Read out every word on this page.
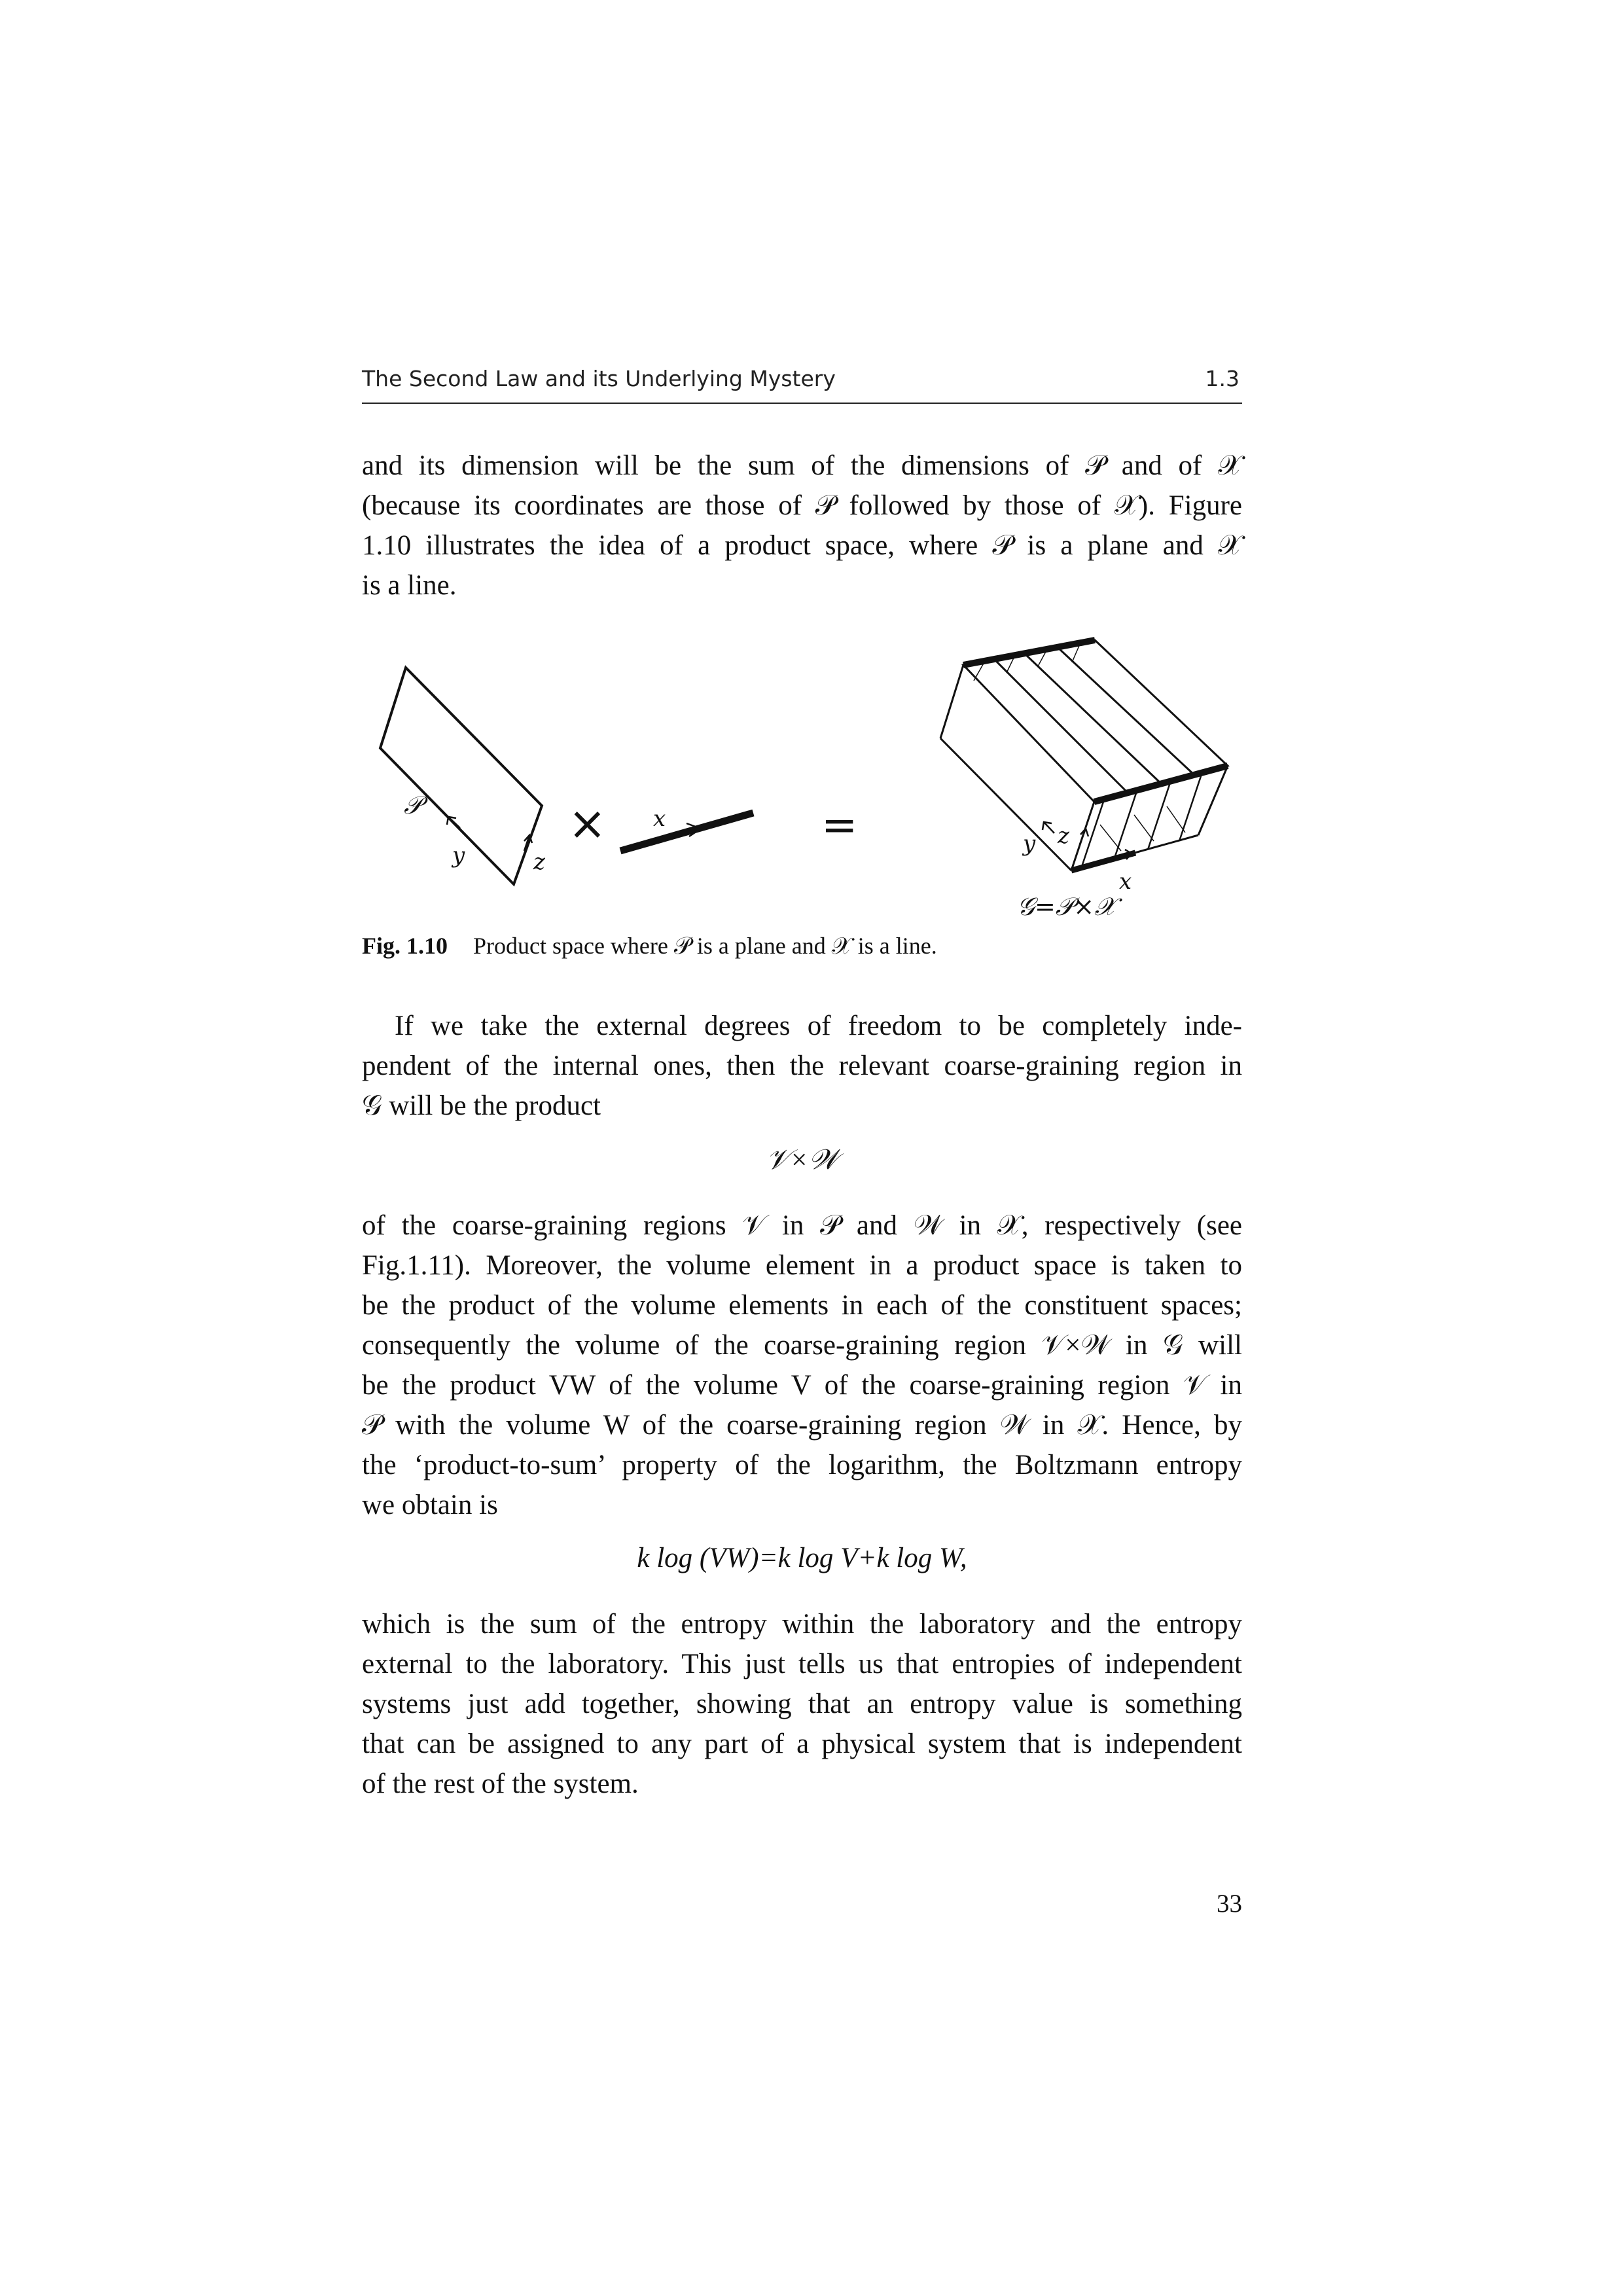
The Second Law and its Underlying Mystery	1.3
and its dimension will be the sum of the dimensions of 𝒫 and of 𝒳
(because its coordinates are those of 𝒫 followed by those of 𝒳). Figure
1.10 illustrates the idea of a product space, where 𝒫 is a plane and 𝒳
is a line.
𝒫
y	z
× x	=	y z
x
𝒢=𝒫×𝒳
Fig. 1.10 Product space where 𝒫 is a plane and 𝒳 is a line.
If we take the external degrees of freedom to be completely inde-
pendent of the internal ones, then the relevant coarse-graining region in
𝒢 will be the product
𝒱×𝒲
of the coarse-graining regions 𝒱 in 𝒫 and 𝒲 in 𝒳, respectively (see
Fig.1.11). Moreover, the volume element in a product space is taken to
be the product of the volume elements in each of the constituent spaces;
consequently the volume of the coarse-graining region 𝒱×𝒲 in 𝒢 will
be the product VW of the volume V of the coarse-graining region 𝒱 in
𝒫 with the volume W of the coarse-graining region 𝒲 in 𝒳. Hence, by
the ‘product-to-sum’ property of the logarithm, the Boltzmann entropy
we obtain is
k log (VW)=k log V+k log W,
which is the sum of the entropy within the laboratory and the entropy
external to the laboratory. This just tells us that entropies of independent
systems just add together, showing that an entropy value is something
that can be assigned to any part of a physical system that is independent
of the rest of the system.
33
